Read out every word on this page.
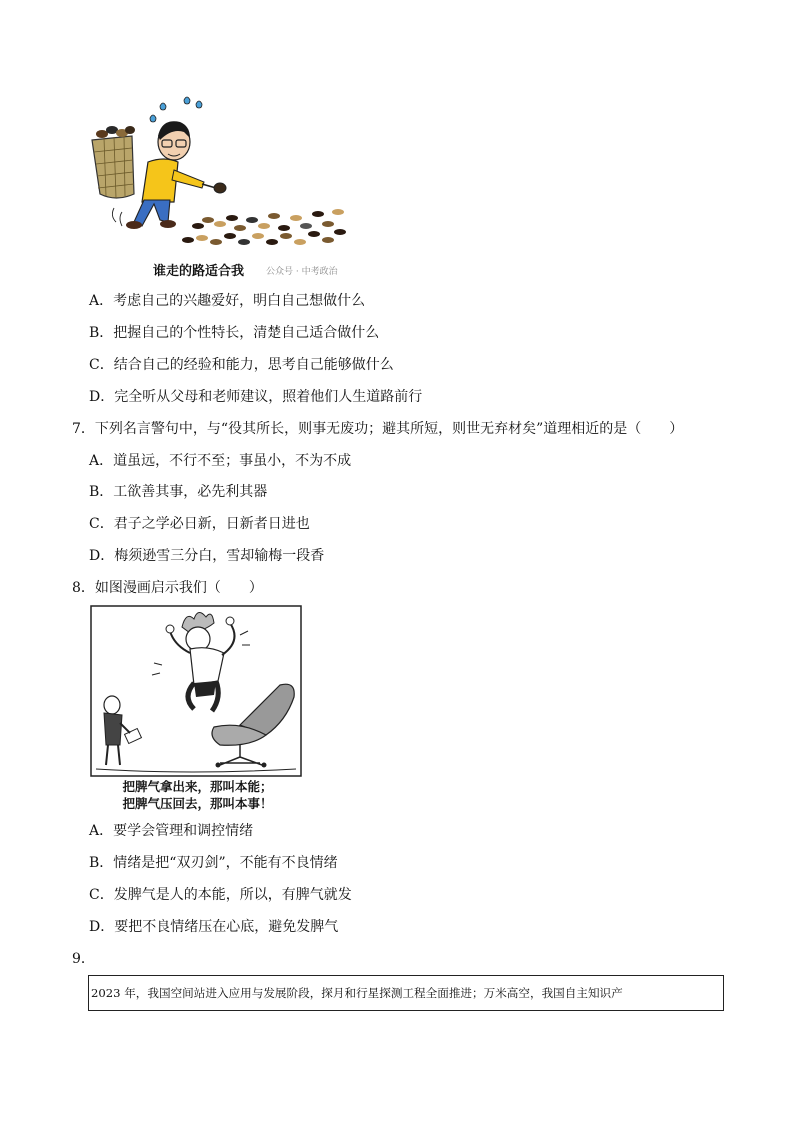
谁走的路适合我 公众号 · 中考政治
A．考虑自己的兴趣爱好，明白自己想做什么
B．把握自己的个性特长，清楚自己适合做什么
C．结合自己的经验和能力，思考自己能够做什么
D．完全听从父母和老师建议，照着他们人生道路前行
7．下列名言警句中，与“役其所长，则事无废功；避其所短，则世无弃材矣”道理相近的是（　　）
A．道虽远，不行不至；事虽小，不为不成
B．工欲善其事，必先利其器
C．君子之学必日新，日新者日进也
D．梅须逊雪三分白，雪却输梅一段香
8．如图漫画启示我们（　　）
把脾气拿出来，那叫本能；
把脾气压回去，那叫本事！
A．要学会管理和调控情绪
B．情绪是把“双刃剑”，不能有不良情绪
C．发脾气是人的本能，所以，有脾气就发
D．要把不良情绪压在心底，避免发脾气
9．
2023 年，我国空间站进入应用与发展阶段，探月和行星探测工程全面推进；万米高空，我国自主知识产
